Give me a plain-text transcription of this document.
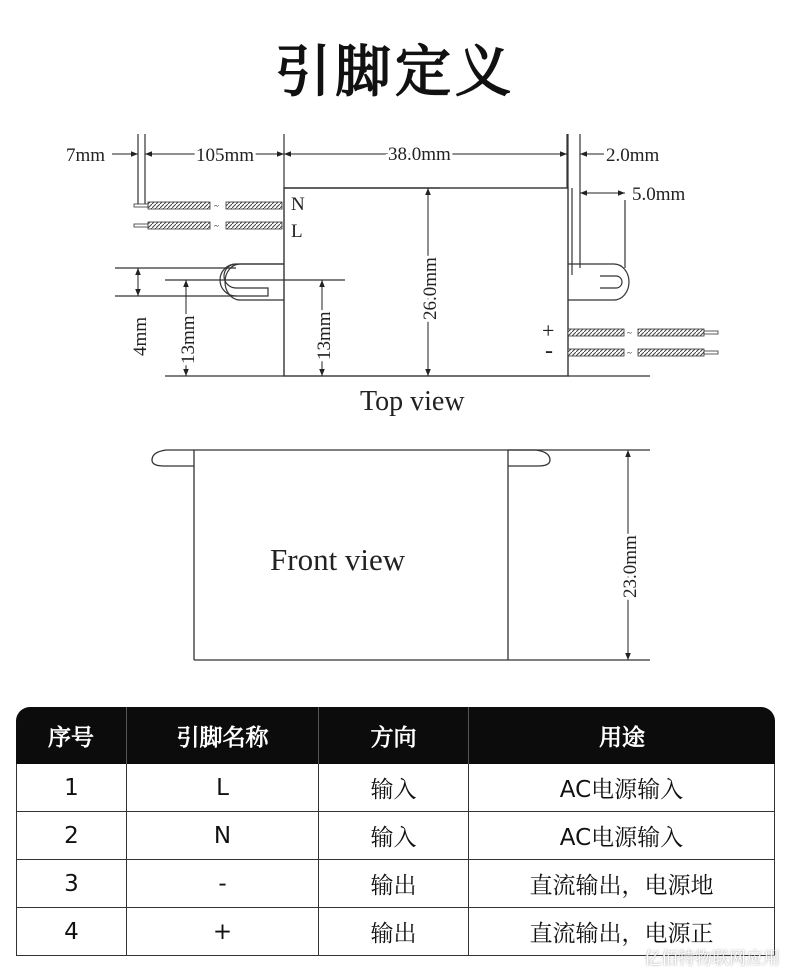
引脚定义
~
~
~
~
7mm	105mm	38.0mm	2.0mm
5.0mm
26.0mm
4mm 13mm	13mm
N
L
+
-
Top view
Front view	23.0mm
序号	引脚名称	方向	用途
1	L	输入	AC电源输入
2	N	输入	AC电源输入
3	-	输出	直流输出，电源地
4	+	输出	直流输出，电源正
亿佰特物联网应用
